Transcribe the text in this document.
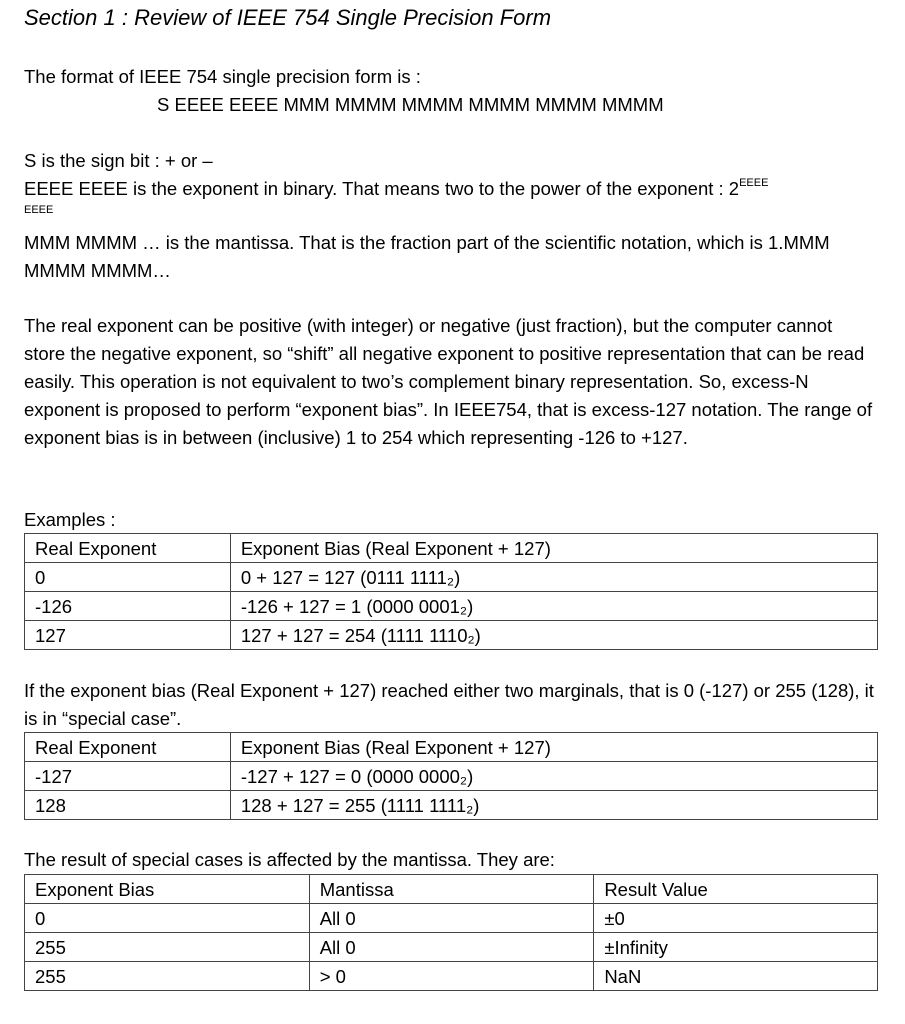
Section 1 : Review of IEEE 754 Single Precision Form
The format of IEEE 754 single precision form is :
S EEEE EEEE MMM MMMM MMMM MMMM MMMM MMMM
S is the sign bit : + or –
EEEE EEEE is the exponent in binary. That means two to the power of the exponent : $2^{EEEE}$
EEEE
MMM MMMM … is the mantissa. That is the fraction part of the scientific notation, which is 1.MMM MMMM MMMM…
The real exponent can be positive (with integer) or negative (just fraction), but the computer cannot store the negative exponent, so “shift” all negative exponent to positive representation that can be read easily. This operation is not equivalent to two’s complement binary representation. So, excess-N exponent is proposed to perform “exponent bias”. In IEEE754, that is excess-127 notation. The range of exponent bias is in between (inclusive) 1 to 254 which representing -126 to +127.
Examples :
Real Exponent	Exponent Bias (Real Exponent + 127)
0	0 + 127 = 127 (0111 1111₂)
-126	-126 + 127 = 1 (0000 0001₂)
127	127 + 127 = 254 (1111 1110₂)
If the exponent bias (Real Exponent + 127) reached either two marginals, that is 0 (-127) or 255 (128), it is in “special case”.
Real Exponent	Exponent Bias (Real Exponent + 127)
-127	-127 + 127 = 0 (0000 0000₂)
128	128 + 127 = 255 (1111 1111₂)
The result of special cases is affected by the mantissa. They are:
Exponent Bias	Mantissa	Result Value
0	All 0	±0
255	All 0	±Infinity
255	> 0	NaN
